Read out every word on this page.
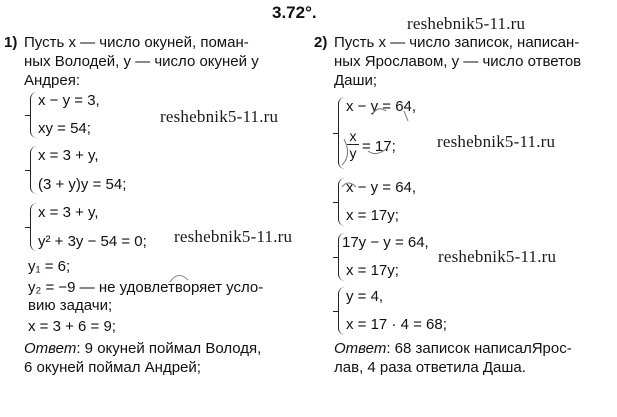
3.72°.
reshebnik5-11.ru
reshebnik5-11.ru
reshebnik5-11.ru
reshebnik5-11.ru
reshebnik5-11.ru
1) Пусть x — число окуней, поман-
ных Володей, y — число окуней у
Андрея:
x − y = 3,
xy = 54;
x = 3 + y,
(3 + y)y = 54;
x = 3 + y,
y² + 3y − 54 = 0;
y₁ = 6;
y₂ = −9 — не удовлетворяет усло-
вию задачи;
x = 3 + 6 = 9;
Ответ: 9 окуней поймал Володя,
6 окуней поймал Андрей;
2) Пусть x — число записок, написан-
ных Ярославом, y — число ответов
Даши;
x − y = 64,
x
y = 17;
x − y = 64,
x = 17y;
17y − y = 64,
x = 17y;
y = 4,
x = 17 · 4 = 68;
Ответ: 68 записок написалЯрос-
лав, 4 раза ответила Даша.
